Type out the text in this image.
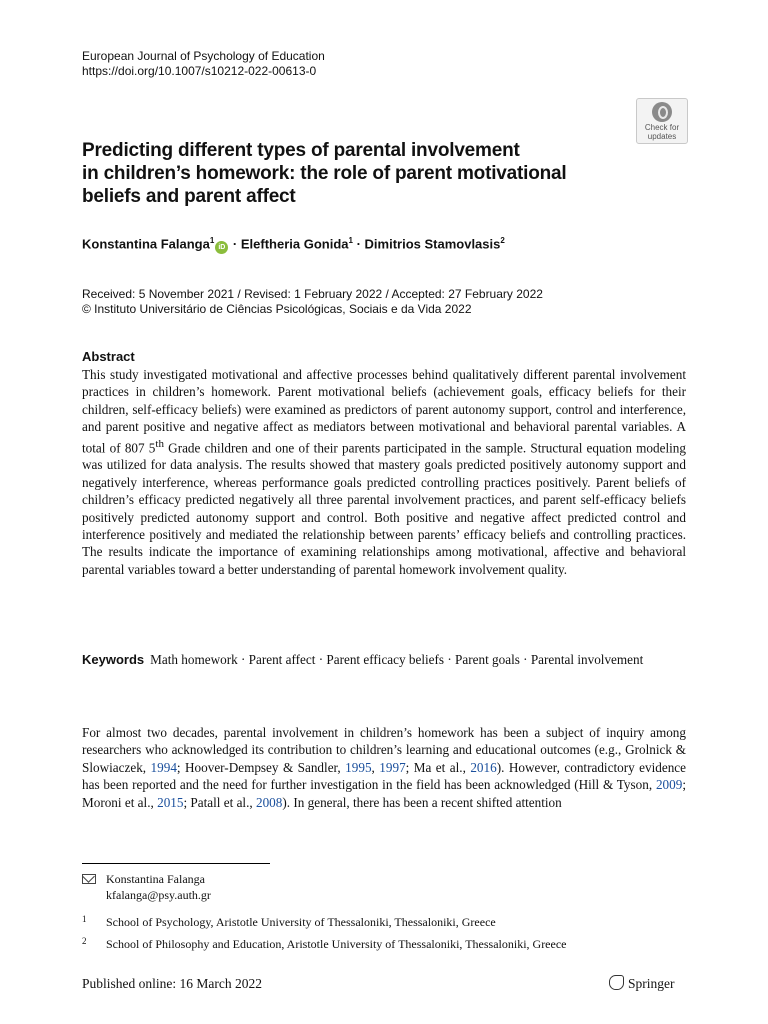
European Journal of Psychology of Education
https://doi.org/10.1007/s10212-022-00613-0
Check for
updates
Predicting different types of parental involvement
in children’s homework: the role of parent motivational
beliefs and parent affect
Konstantina Falanga$^1$iD · Eleftheria Gonida$^1$ · Dimitrios Stamovlasis$^2$
Received: 5 November 2021 / Revised: 1 February 2022 / Accepted: 27 February 2022
© Instituto Universitário de Ciências Psicológicas, Sociais e da Vida 2022
Abstract

This study investigated motivational and affective processes behind qualitatively different parental involvement practices in children’s homework. Parent motivational beliefs (achievement goals, efficacy beliefs for their children, self-efficacy beliefs) were examined as predictors of parent autonomy support, control and interference, and parent positive and negative affect as mediators between motivational and behavioral parental variables. A total of 807 5th Grade children and one of their parents participated in the sample. Structural equation modeling was utilized for data analysis. The results showed that mastery goals predicted positively autonomy support and negatively interference, whereas performance goals predicted controlling practices positively. Parent beliefs of children’s efficacy predicted negatively all three parental involvement practices, and parent self-efficacy beliefs positively predicted autonomy support and control. Both positive and negative affect predicted control and interference positively and mediated the relationship between parents’ efficacy beliefs and controlling practices. The results indicate the importance of examining relationships among motivational, affective and behavioral parental variables toward a better understanding of parental homework involvement quality.

Keywords Math homework · Parent affect · Parent efficacy beliefs · Parent goals · Parental involvement

For almost two decades, parental involvement in children’s homework has been a subject of inquiry among researchers who acknowledged its contribution to children’s learning and educational outcomes (e.g., Grolnick & Slowiaczek, 1994; Hoover-Dempsey & Sandler, 1995, 1997; Ma et al., 2016). However, contradictory evidence has been reported and the need for further investigation in the field has been acknowledged (Hill & Tyson, 2009; Moroni et al., 2015; Patall et al., 2008). In general, there has been a recent shifted attention

Konstantina Falanga
kfalanga@psy.auth.gr
1 School of Psychology, Aristotle University of Thessaloniki, Thessaloniki, Greece
2 School of Philosophy and Education, Aristotle University of Thessaloniki, Thessaloniki, Greece
Published online: 16 March 2022	Springer
